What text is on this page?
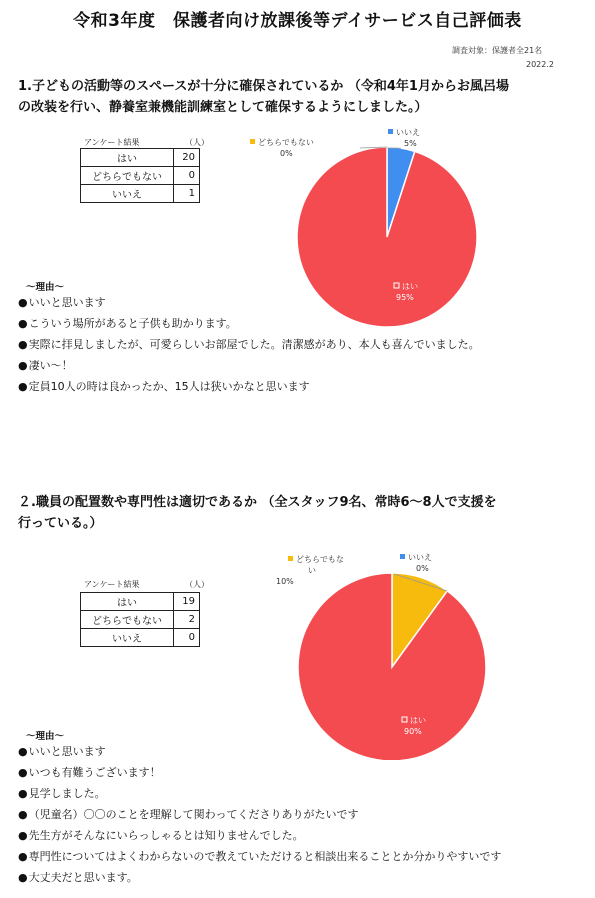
令和3年度　保護者向け放課後等デイサービス自己評価表
調査対象：保護者全21名
2022.2
1.子どもの活動等のスペースが十分に確保されているか （令和4年1月からお風呂場
の改装を行い、静養室兼機能訓練室として確保するようにしました。）
アンケート結果	（人）
はい	20
どちらでもない	0
いいえ	1
はい
95%
どちらでもない
0%
いいえ
5%
～理由～
●いいと思います
●こういう場所があると子供も助かります。
●実際に拝見しましたが、可愛らしいお部屋でした。清潔感があり、本人も喜んでいました。
●凄い～！
●定員10人の時は良かったか、15人は狭いかなと思います
２.職員の配置数や専門性は適切であるか （全スタッフ9名、常時6～8人で支援を
行っている。）
アンケート結果	（人）
はい	19
どちらでもない	2
いいえ	0
はい
90%
どちらでもな
い
10%
いいえ
0%
～理由～
●いいと思います
●いつも有難うございます！
●見学しました。
●（児童名）〇〇のことを理解して関わってくださりありがたいです
●先生方がそんなにいらっしゃるとは知りませんでした。
●専門性についてはよくわからないので教えていただけると相談出来ることとか分かりやすいです
●大丈夫だと思います。
